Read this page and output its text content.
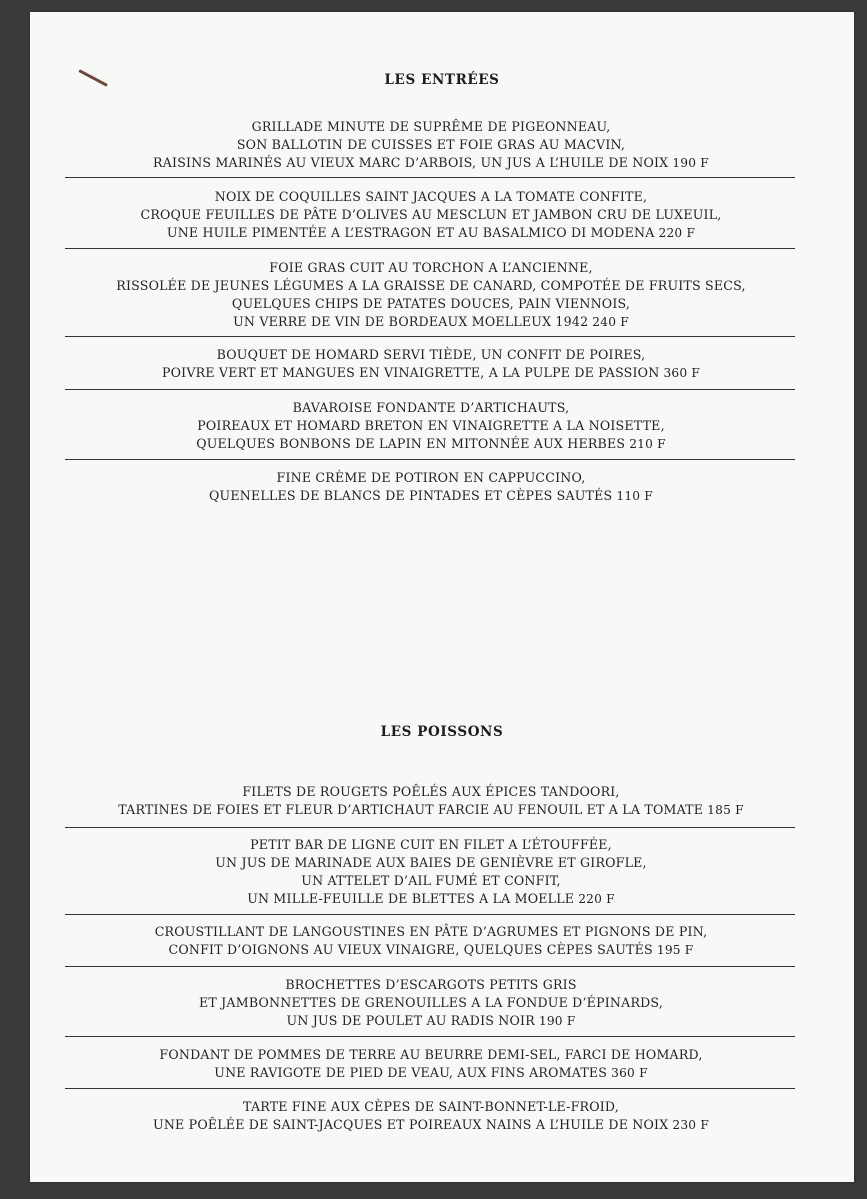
LES ENTRÉES
GRILLADE MINUTE DE SUPRÊME DE PIGEONNEAU,
SON BALLOTIN DE CUISSES ET FOIE GRAS AU MACVIN,
RAISINS MARINÉS AU VIEUX MARC D’ARBOIS, UN JUS A L’HUILE DE NOIX 190 F
NOIX DE COQUILLES SAINT JACQUES A LA TOMATE CONFITE,
CROQUE FEUILLES DE PÂTE D’OLIVES AU MESCLUN ET JAMBON CRU DE LUXEUIL,
UNE HUILE PIMENTÉE A L’ESTRAGON ET AU BASALMICO DI MODENA 220 F
FOIE GRAS CUIT AU TORCHON A L’ANCIENNE,
RISSOLÉE DE JEUNES LÉGUMES A LA GRAISSE DE CANARD, COMPOTÉE DE FRUITS SECS,
QUELQUES CHIPS DE PATATES DOUCES, PAIN VIENNOIS,
UN VERRE DE VIN DE BORDEAUX MOELLEUX 1942 240 F
BOUQUET DE HOMARD SERVI TIÈDE, UN CONFIT DE POIRES,
POIVRE VERT ET MANGUES EN VINAIGRETTE, A LA PULPE DE PASSION 360 F
BAVAROISE FONDANTE D’ARTICHAUTS,
POIREAUX ET HOMARD BRETON EN VINAIGRETTE A LA NOISETTE,
QUELQUES BONBONS DE LAPIN EN MITONNÉE AUX HERBES 210 F
FINE CRÈME DE POTIRON EN CAPPUCCINO,
QUENELLES DE BLANCS DE PINTADES ET CÈPES SAUTÉS 110 F
LES POISSONS
FILETS DE ROUGETS POÊLÉS AUX ÉPICES TANDOORI,
TARTINES DE FOIES ET FLEUR D’ARTICHAUT FARCIE AU FENOUIL ET A LA TOMATE 185 F
PETIT BAR DE LIGNE CUIT EN FILET A L’ÉTOUFFÉE,
UN JUS DE MARINADE AUX BAIES DE GENIÈVRE ET GIROFLE,
UN ATTELET D’AIL FUMÉ ET CONFIT,
UN MILLE-FEUILLE DE BLETTES A LA MOELLE 220 F
CROUSTILLANT DE LANGOUSTINES EN PÂTE D’AGRUMES ET PIGNONS DE PIN,
CONFIT D’OIGNONS AU VIEUX VINAIGRE, QUELQUES CÈPES SAUTÉS 195 F
BROCHETTES D’ESCARGOTS PETITS GRIS
ET JAMBONNETTES DE GRENOUILLES A LA FONDUE D’ÉPINARDS,
UN JUS DE POULET AU RADIS NOIR 190 F
FONDANT DE POMMES DE TERRE AU BEURRE DEMI-SEL, FARCI DE HOMARD,
UNE RAVIGOTE DE PIED DE VEAU, AUX FINS AROMATES 360 F
TARTE FINE AUX CÈPES DE SAINT-BONNET-LE-FROID,
UNE POÊLÉE DE SAINT-JACQUES ET POIREAUX NAINS A L’HUILE DE NOIX 230 F
